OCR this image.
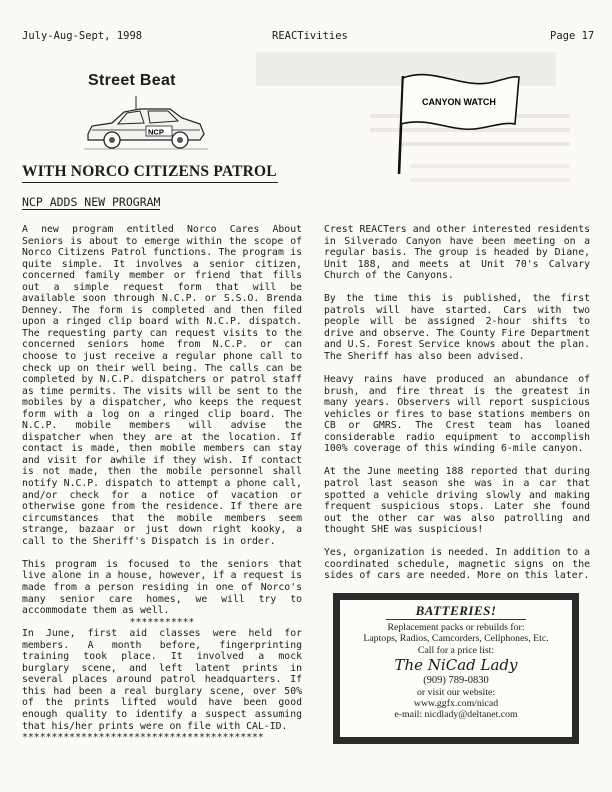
July-Aug-Sept, 1998	REACTivities	Page 17
Street Beat
NCP
CANYON WATCH
WITH NORCO CITIZENS PATROL
NCP ADDS NEW PROGRAM

A new program entitled Norco Cares About Seniors is about to emerge within the scope of Norco Citizens Patrol functions. The program is quite simple. It involves a senior citizen, concerned family member or friend that fills out a simple request form that will be available soon through N.C.P. or S.S.O. Brenda Denney. The form is completed and then filed upon a ringed clip board with N.C.P. dispatch. The requesting party can request visits to the concerned seniors home from N.C.P. or can choose to just receive a regular phone call to check up on their well being. The calls can be completed by N.C.P. dispatchers or patrol staff as time permits. The visits will be sent to the mobiles by a dispatcher, who keeps the request form with a log on a ringed clip board. The N.C.P. mobile members will advise the dispatcher when they are at the location. If contact is made, then mobile members can stay and visit for awhile if they wish. If contact is not made, then the mobile personnel shall notify N.C.P. dispatch to attempt a phone call, and/or check for a notice of vacation or otherwise gone from the residence. If there are circumstances that the mobile members seem strange, bazaar or just down right kooky, a call to the Sheriff's Dispatch is in order.

This program is focused to the seniors that live alone in a house, however, if a request is made from a person residing in one of Norco's many senior care homes, we will try to accommodate them as well.

***********

In June, first aid classes were held for members. A month before, fingerprinting training took place. It involved a mock burglary scene, and left latent prints in several places around patrol headquarters. If this had been a real burglary scene, over 50% of the prints lifted would have been good enough quality to identify a suspect assuming that his/her prints were on file with CAL-ID.

*****************************************

Crest REACTers and other interested residents in Silverado Canyon have been meeting on a regular basis. The group is headed by Diane, Unit 188, and meets at Unit 70's Calvary Church of the Canyons.

By the time this is published, the first patrols will have started. Cars with two people will be assigned 2-hour shifts to drive and observe. The County Fire Department and U.S. Forest Service knows about the plan. The Sheriff has also been advised.

Heavy rains have produced an abundance of brush, and fire threat is the greatest in many years. Observers will report suspicious vehicles or fires to base stations members on CB or GMRS. The Crest team has loaned considerable radio equipment to accomplish 100% coverage of this winding 6-mile canyon.

At the June meeting 188 reported that during patrol last season she was in a car that spotted a vehicle driving slowly and making frequent suspicious stops. Later she found out the other car was also patrolling and thought SHE was suspicious!

Yes, organization is needed. In addition to a coordinated schedule, magnetic signs on the sides of cars are needed. More on this later.

BATTERIES!
Replacement packs or rebuilds for:
Laptops, Radios, Camcorders, Cellphones, Etc.
Call for a price list:
The NiCad Lady
(909) 789-0830
or visit our website:
www.ggfx.com/nicad
e-mail: nicdlady@deltanet.com
